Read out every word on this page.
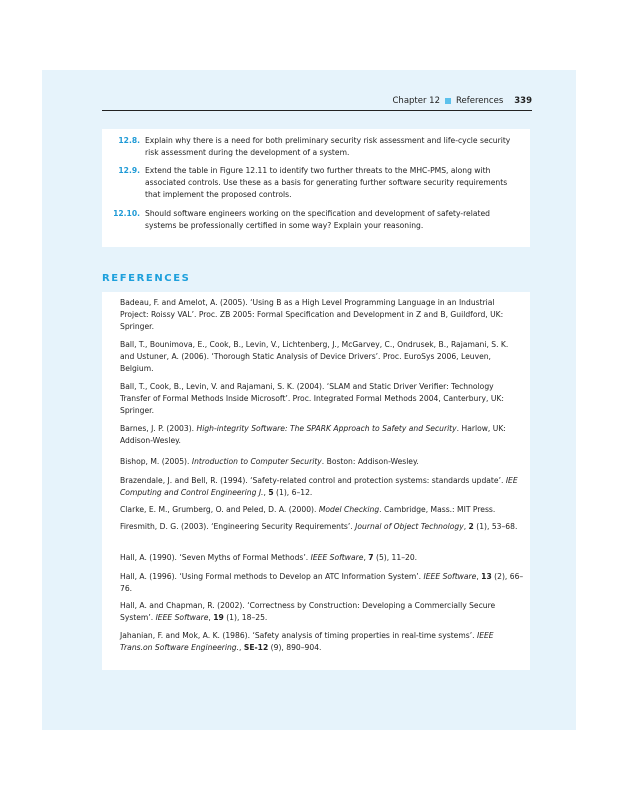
Chapter 12 References 339
12.8. Explain why there is a need for both preliminary security risk assessment and life-cycle security risk assessment during the development of a system.
12.9. Extend the table in Figure 12.11 to identify two further threats to the MHC-PMS, along with associated controls. Use these as a basis for generating further software security requirements that implement the proposed controls.
12.10. Should software engineers working on the specification and development of safety-related systems be professionally certified in some way? Explain your reasoning.
REFERENCES
Badeau, F. and Amelot, A. (2005). ‘Using B as a High Level Programming Language in an Industrial Project: Roissy VAL’. Proc. ZB 2005: Formal Specification and Development in Z and B, Guildford, UK: Springer.
Ball, T., Bounimova, E., Cook, B., Levin, V., Lichtenberg, J., McGarvey, C., Ondrusek, B., Rajamani, S. K. and Ustuner, A. (2006). ‘Thorough Static Analysis of Device Drivers’. Proc. EuroSys 2006, Leuven, Belgium.
Ball, T., Cook, B., Levin, V. and Rajamani, S. K. (2004). ‘SLAM and Static Driver Verifier: Technology Transfer of Formal Methods Inside Microsoft’. Proc. Integrated Formal Methods 2004, Canterbury, UK: Springer.
Barnes, J. P. (2003). High-integrity Software: The SPARK Approach to Safety and Security. Harlow, UK: Addison-Wesley.
Bishop, M. (2005). Introduction to Computer Security. Boston: Addison-Wesley.
Brazendale, J. and Bell, R. (1994). ‘Safety-related control and protection systems: standards update’. IEE Computing and Control Engineering J., 5 (1), 6–12.
Clarke, E. M., Grumberg, O. and Peled, D. A. (2000). Model Checking. Cambridge, Mass.: MIT Press.
Firesmith, D. G. (2003). ‘Engineering Security Requirements’. Journal of Object Technology, 2 (1), 53–68.
Hall, A. (1990). ‘Seven Myths of Formal Methods’. IEEE Software, 7 (5), 11–20.
Hall, A. (1996). ‘Using Formal methods to Develop an ATC Information System’. IEEE Software, 13 (2), 66–76.
Hall, A. and Chapman, R. (2002). ‘Correctness by Construction: Developing a Commercially Secure System’. IEEE Software, 19 (1), 18–25.
Jahanian, F. and Mok, A. K. (1986). ‘Safety analysis of timing properties in real-time systems’. IEEE Trans.on Software Engineering., SE-12 (9), 890–904.
